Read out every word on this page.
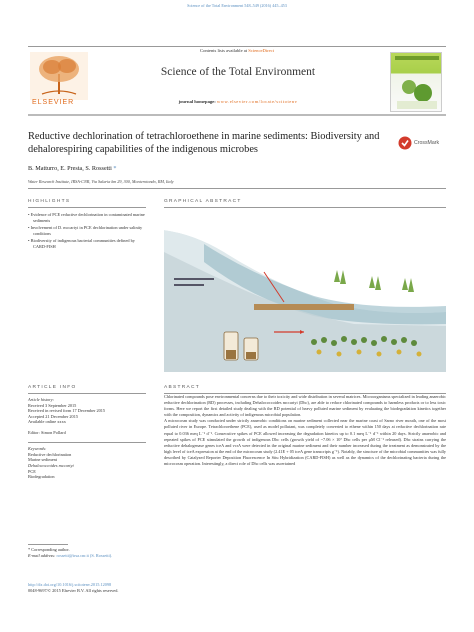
Science of the Total Environment 548–549 (2016) 445–453
Contents lists available at ScienceDirect
ELSEVIER
Science of the Total Environment
journal homepage: www.elsevier.com/locate/scitotenv
Reductive dechlorination of tetrachloroethene in marine sediments: Biodiversity and dehalorespiring capabilities of the indigenous microbes
CrossMark
B. Matturro, E. Presta, S. Rossetti *
Water Research Institute, IRSA-CNR, Via Salaria km 29, 300, Monterotondo, RM, Italy
HIGHLIGHTS
• Evidence of PCE reductive dechlorination in contaminated marine sediments
• Involvement of D. mccartyi in PCE dechlorination under salinity conditions
• Biodiversity of indigenous bacterial communities defined by CARD-FISH
GRAPHICAL ABSTRACT
ARTICLE INFO
Article history:
Received 3 September 2015
Received in revised form 17 December 2015
Accepted 21 December 2015
Available online xxxx
Editor: Simon Pollard
Keywords:
Reductive dechlorination
Marine sediment
Dehalococcoides mccartyi
PCE
Biodegradation
ABSTRACT

Chlorinated compounds pose environmental concerns due to their toxicity and wide distribution in several matrices. Microorganisms specialized in leading anaerobic reductive dechlorination (RD) processes, including Dehalococcoides mccartyi (Dhc), are able to reduce chlorinated compounds to harmless products or to less toxic forms. Here we report the first detailed study dealing with the RD potential of heavy polluted marine sediment by evaluating the biodegradation kinetics together with the composition, dynamics and activity of indigenous microbial population.

A microcosm study was conducted under strictly anaerobic conditions on marine sediment collected near the marine coast of Sarno river mouth, one of the most polluted river in Europe. Tetrachloroethene (PCE), used as model pollutant, was completely converted to ethene within 150 days at reductive dechlorination rate equal to 0.036 meq L⁻¹ d⁻¹. Consecutive spikes of PCE allowed increasing the degradation kinetics up to 0.1 meq L⁻¹ d⁻¹ within 20 days. Strictly anaerobic and repeated spikes of PCE stimulated the growth of indigenous Dhc cells (growth yield of ~7.06 × 10⁷ Dhc cells per μM Cl⁻¹ released). Dhc strains carrying the reductive dehalogenase genes tceA and vcrA were detected in the original marine sediment and their number increased during the treatment as demonstrated by the high level of tceA expression at the end of the microcosm study (2.41E + 05 tceA gene transcripts g⁻¹). Notably, the structure of the microbial communities was fully described by Catalyzed Reporter Deposition Fluorescence In Situ Hybridization (CARD-FISH) as well as the dynamics of the dechlorinating bacteria during the microcosm operation. Interestingly, a direct role of Dhc cells was ascertained

* Corresponding author.
E-mail address: rossetti@irsa.cnr.it (S. Rossetti).
http://dx.doi.org/10.1016/j.scitotenv.2015.12098
0048-9697/© 2015 Elsevier B.V. All rights reserved.
